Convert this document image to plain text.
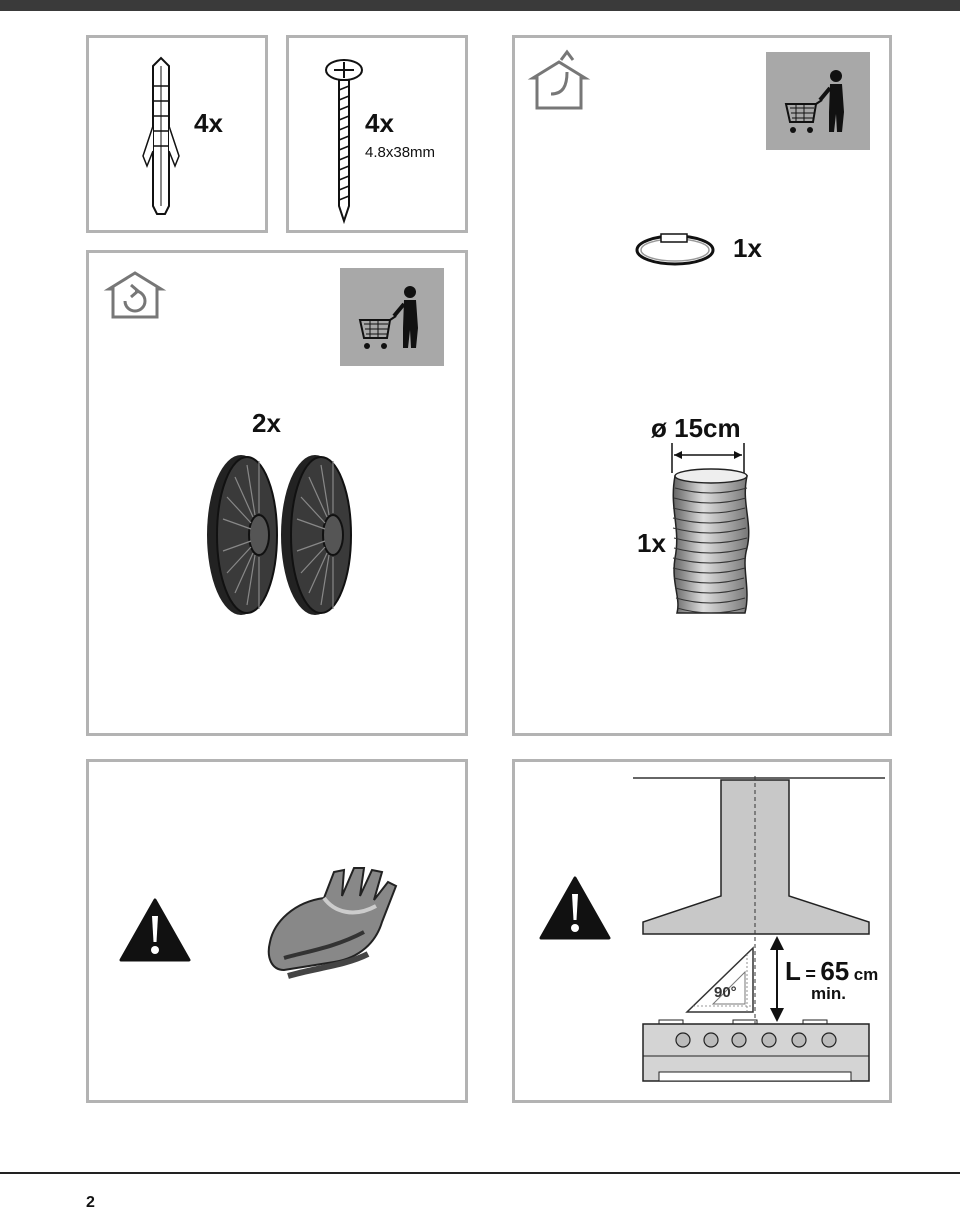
4x	4x
4.8x38mm
2x
1x
ø 15cm
1x
90°
L = 65 cm
min.
2
